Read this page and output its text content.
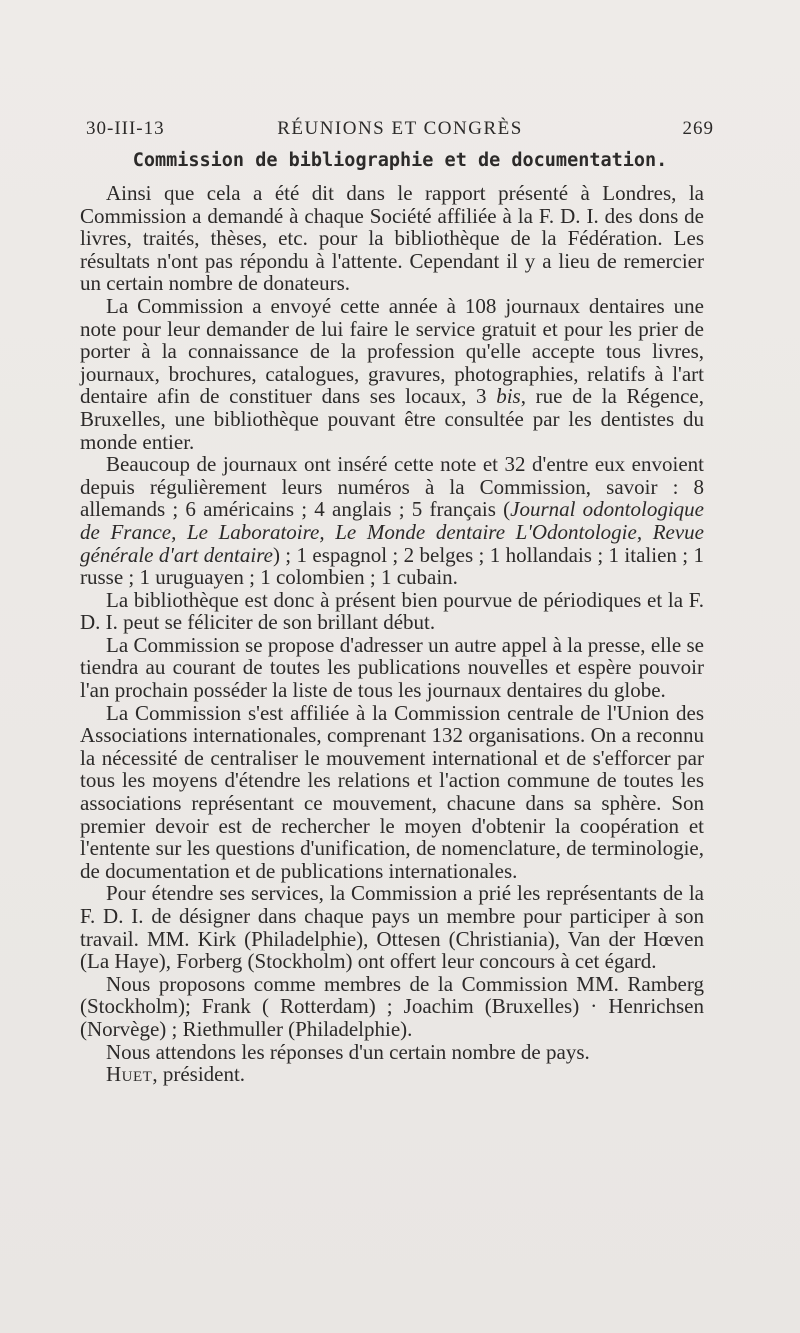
30-III-13	RÉUNIONS ET CONGRÈS	269
Commission de bibliographie et de documentation.

Ainsi que cela a été dit dans le rapport présenté à Londres, la Commission a demandé à chaque Société affiliée à la F. D. I. des dons de livres, traités, thèses, etc. pour la bibliothèque de la Fédération. Les résultats n'ont pas répondu à l'attente. Cependant il y a lieu de remercier un certain nombre de donateurs.

La Commission a envoyé cette année à 108 journaux dentaires une note pour leur demander de lui faire le service gratuit et pour les prier de porter à la connaissance de la profession qu'elle accepte tous livres, journaux, brochures, catalogues, gravures, photographies, relatifs à l'art dentaire afin de constituer dans ses locaux, 3 bis, rue de la Régence, Bruxelles, une bibliothèque pouvant être consultée par les dentistes du monde entier.

Beaucoup de journaux ont inséré cette note et 32 d'entre eux envoient depuis régulièrement leurs numéros à la Commission, savoir : 8 allemands ; 6 américains ; 4 anglais ; 5 français (Journal odontologique de France, Le Laboratoire, Le Monde dentaire L'Odontologie, Revue générale d'art dentaire) ; 1 espagnol ; 2 belges ; 1 hollandais ; 1 italien ; 1 russe ; 1 uruguayen ; 1 colombien ; 1 cubain.

La bibliothèque est donc à présent bien pourvue de périodiques et la F. D. I. peut se féliciter de son brillant début.

La Commission se propose d'adresser un autre appel à la presse, elle se tiendra au courant de toutes les publications nouvelles et espère pouvoir l'an prochain posséder la liste de tous les journaux dentaires du globe.

La Commission s'est affiliée à la Commission centrale de l'Union des Associations internationales, comprenant 132 organisations. On a reconnu la nécessité de centraliser le mouvement international et de s'efforcer par tous les moyens d'étendre les relations et l'action commune de toutes les associations représentant ce mouvement, chacune dans sa sphère. Son premier devoir est de rechercher le moyen d'obtenir la coopération et l'entente sur les questions d'unification, de nomenclature, de terminologie, de documentation et de publications internationales.

Pour étendre ses services, la Commission a prié les représentants de la F. D. I. de désigner dans chaque pays un membre pour participer à son travail. MM. Kirk (Philadelphie), Ottesen (Christiania), Van der Hœven (La Haye), Forberg (Stockholm) ont offert leur concours à cet égard.

Nous proposons comme membres de la Commission MM. Ramberg (Stockholm); Frank ( Rotterdam) ; Joachim (Bruxelles) · Henrichsen (Norvège) ; Riethmuller (Philadelphie).

Nous attendons les réponses d'un certain nombre de pays.

Huet, président.
